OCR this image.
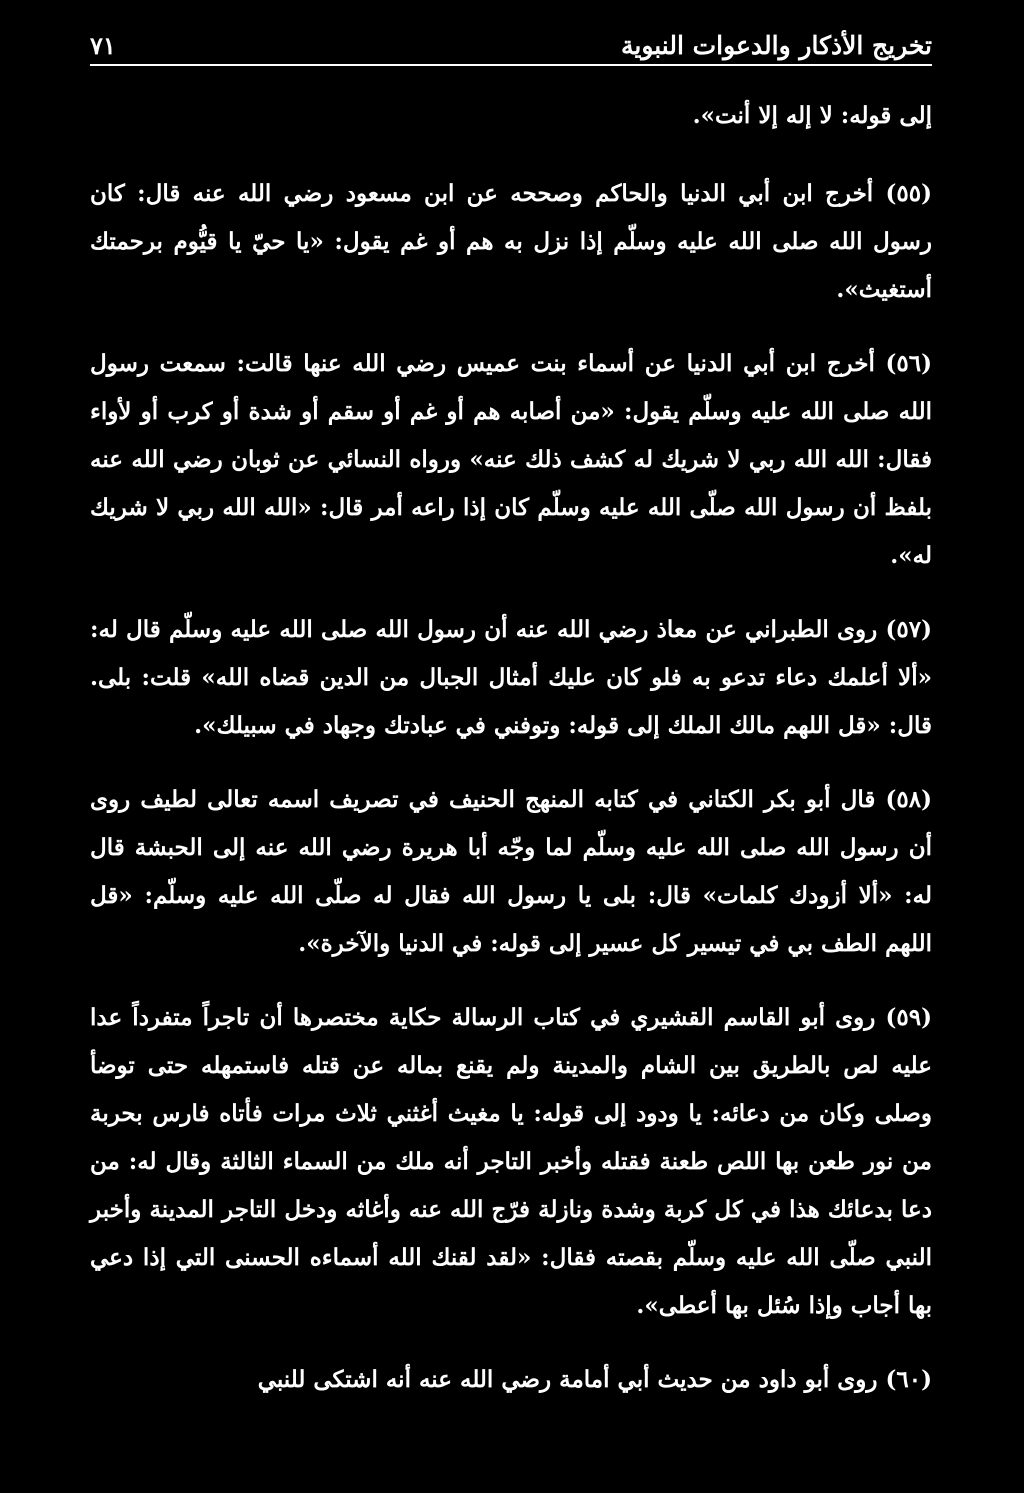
تخريج الأذكار والدعوات النبوية
٧١

إلى قوله: لا إله إلا أنت».

(٥٥) أخرج ابن أبي الدنيا والحاكم وصححه عن ابن مسعود رضي الله عنه قال: كان رسول الله صلى الله عليه وسلّم إذا نزل به هم أو غم يقول: «يا حيّ يا قيُّوم برحمتك أستغيث».

(٥٦) أخرج ابن أبي الدنيا عن أسماء بنت عميس رضي الله عنها قالت: سمعت رسول الله صلى الله عليه وسلّم يقول: «من أصابه هم أو غم أو سقم أو شدة أو كرب أو لأواء فقال: الله الله ربي لا شريك له كشف ذلك عنه» ورواه النسائي عن ثوبان رضي الله عنه بلفظ أن رسول الله صلّى الله عليه وسلّم كان إذا راعه أمر قال: «الله الله ربي لا شريك له».

(٥٧) روى الطبراني عن معاذ رضي الله عنه أن رسول الله صلى الله عليه وسلّم قال له: «ألا أعلمك دعاء تدعو به فلو كان عليك أمثال الجبال من الدين قضاه الله» قلت: بلى. قال: «قل اللهم مالك الملك إلى قوله: وتوفني في عبادتك وجهاد في سبيلك».

(٥٨) قال أبو بكر الكتاني في كتابه المنهج الحنيف في تصريف اسمه تعالى لطيف روى أن رسول الله صلى الله عليه وسلّم لما وجّه أبا هريرة رضي الله عنه إلى الحبشة قال له: «ألا أزودك كلمات» قال: بلى يا رسول الله فقال له صلّى الله عليه وسلّم: «قل اللهم الطف بي في تيسير كل عسير إلى قوله: في الدنيا والآخرة».

(٥٩) روى أبو القاسم القشيري في كتاب الرسالة حكاية مختصرها أن تاجراً متفرداً عدا عليه لص بالطريق بين الشام والمدينة ولم يقنع بماله عن قتله فاستمهله حتى توضأ وصلى وكان من دعائه: يا ودود إلى قوله: يا مغيث أغثني ثلاث مرات فأتاه فارس بحربة من نور طعن بها اللص طعنة فقتله وأخبر التاجر أنه ملك من السماء الثالثة وقال له: من دعا بدعائك هذا في كل كربة وشدة ونازلة فرّج الله عنه وأغاثه ودخل التاجر المدينة وأخبر النبي صلّى الله عليه وسلّم بقصته فقال: «لقد لقنك الله أسماءه الحسنى التي إذا دعي بها أجاب وإذا سُئل بها أعطى».

(٦٠) روى أبو داود من حديث أبي أمامة رضي الله عنه أنه اشتكى للنبي
